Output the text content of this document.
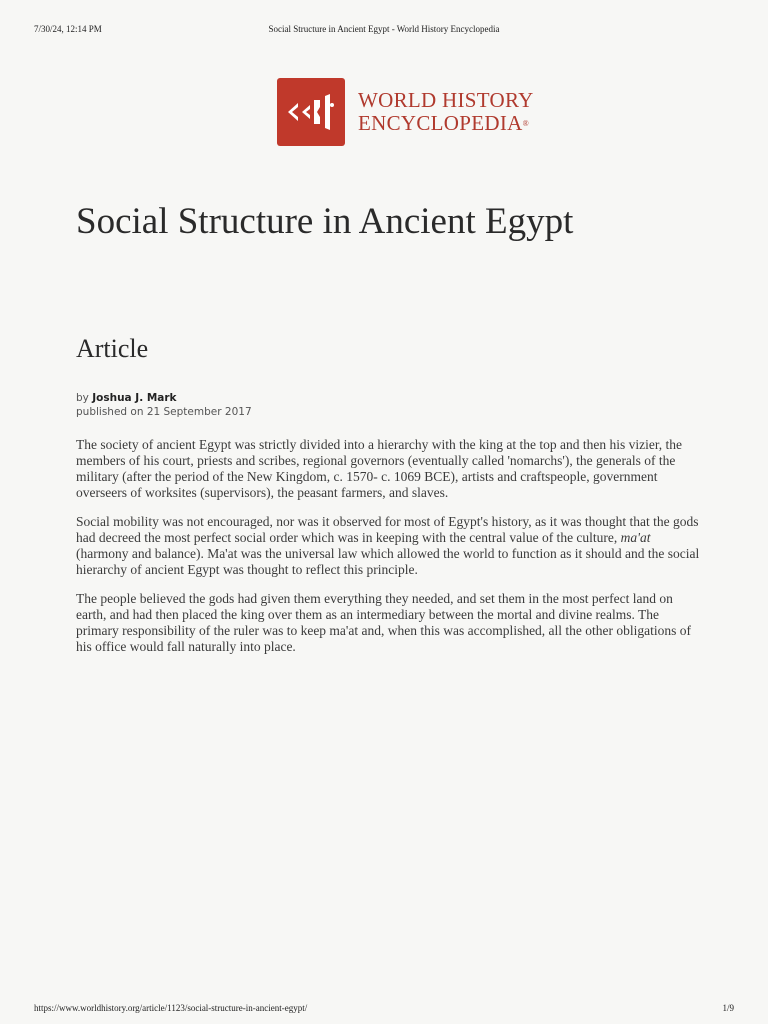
7/30/24, 12:14 PM	Social Structure in Ancient Egypt - World History Encyclopedia
WORLD HISTORY
ENCYCLOPEDIA®
Social Structure in Ancient Egypt
Article
by Joshua J. Mark
published on 21 September 2017

The society of ancient Egypt was strictly divided into a hierarchy with the king at the top and then his vizier, the members of his court, priests and scribes, regional governors (eventually called 'nomarchs'), the generals of the military (after the period of the New Kingdom, c. 1570- c. 1069 BCE), artists and craftspeople, government overseers of worksites (supervisors), the peasant farmers, and slaves.

Social mobility was not encouraged, nor was it observed for most of Egypt's history, as it was thought that the gods had decreed the most perfect social order which was in keeping with the central value of the culture, ma'at (harmony and balance). Ma'at was the universal law which allowed the world to function as it should and the social hierarchy of ancient Egypt was thought to reflect this principle.

The people believed the gods had given them everything they needed, and set them in the most perfect land on earth, and had then placed the king over them as an intermediary between the mortal and divine realms. The primary responsibility of the ruler was to keep ma'at and, when this was accomplished, all the other obligations of his office would fall naturally into place.

https://www.worldhistory.org/article/1123/social-structure-in-ancient-egypt/	1/9
